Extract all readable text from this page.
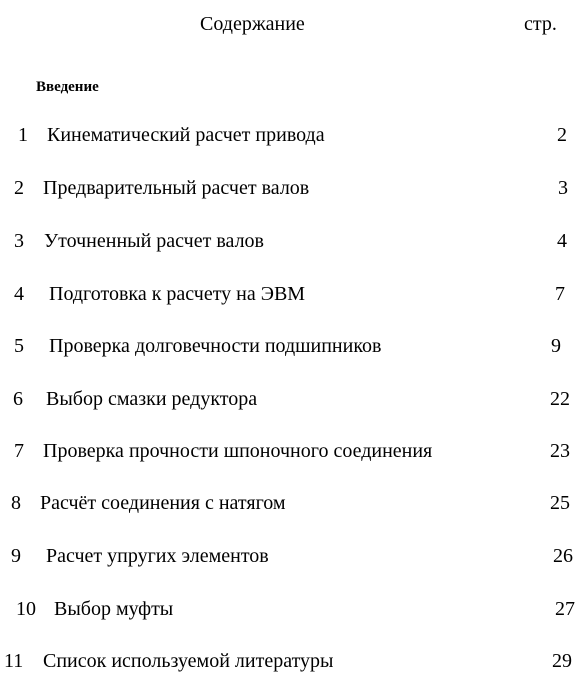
Содержание	стр.
Введение
1 Кинематический расчет привода	2
2 Предварительный расчет валов	3
3 Уточненный расчет валов	4
4 Подготовка к расчету на ЭВМ	7
5 Проверка долговечности подшипников	9
6 Выбор смазки редуктора	22
7 Проверка прочности шпоночного соединения	23
8 Расчёт соединения с натягом	25
9 Расчет упругих элементов	26
10 Выбор муфты	27
11 Список используемой литературы	29
